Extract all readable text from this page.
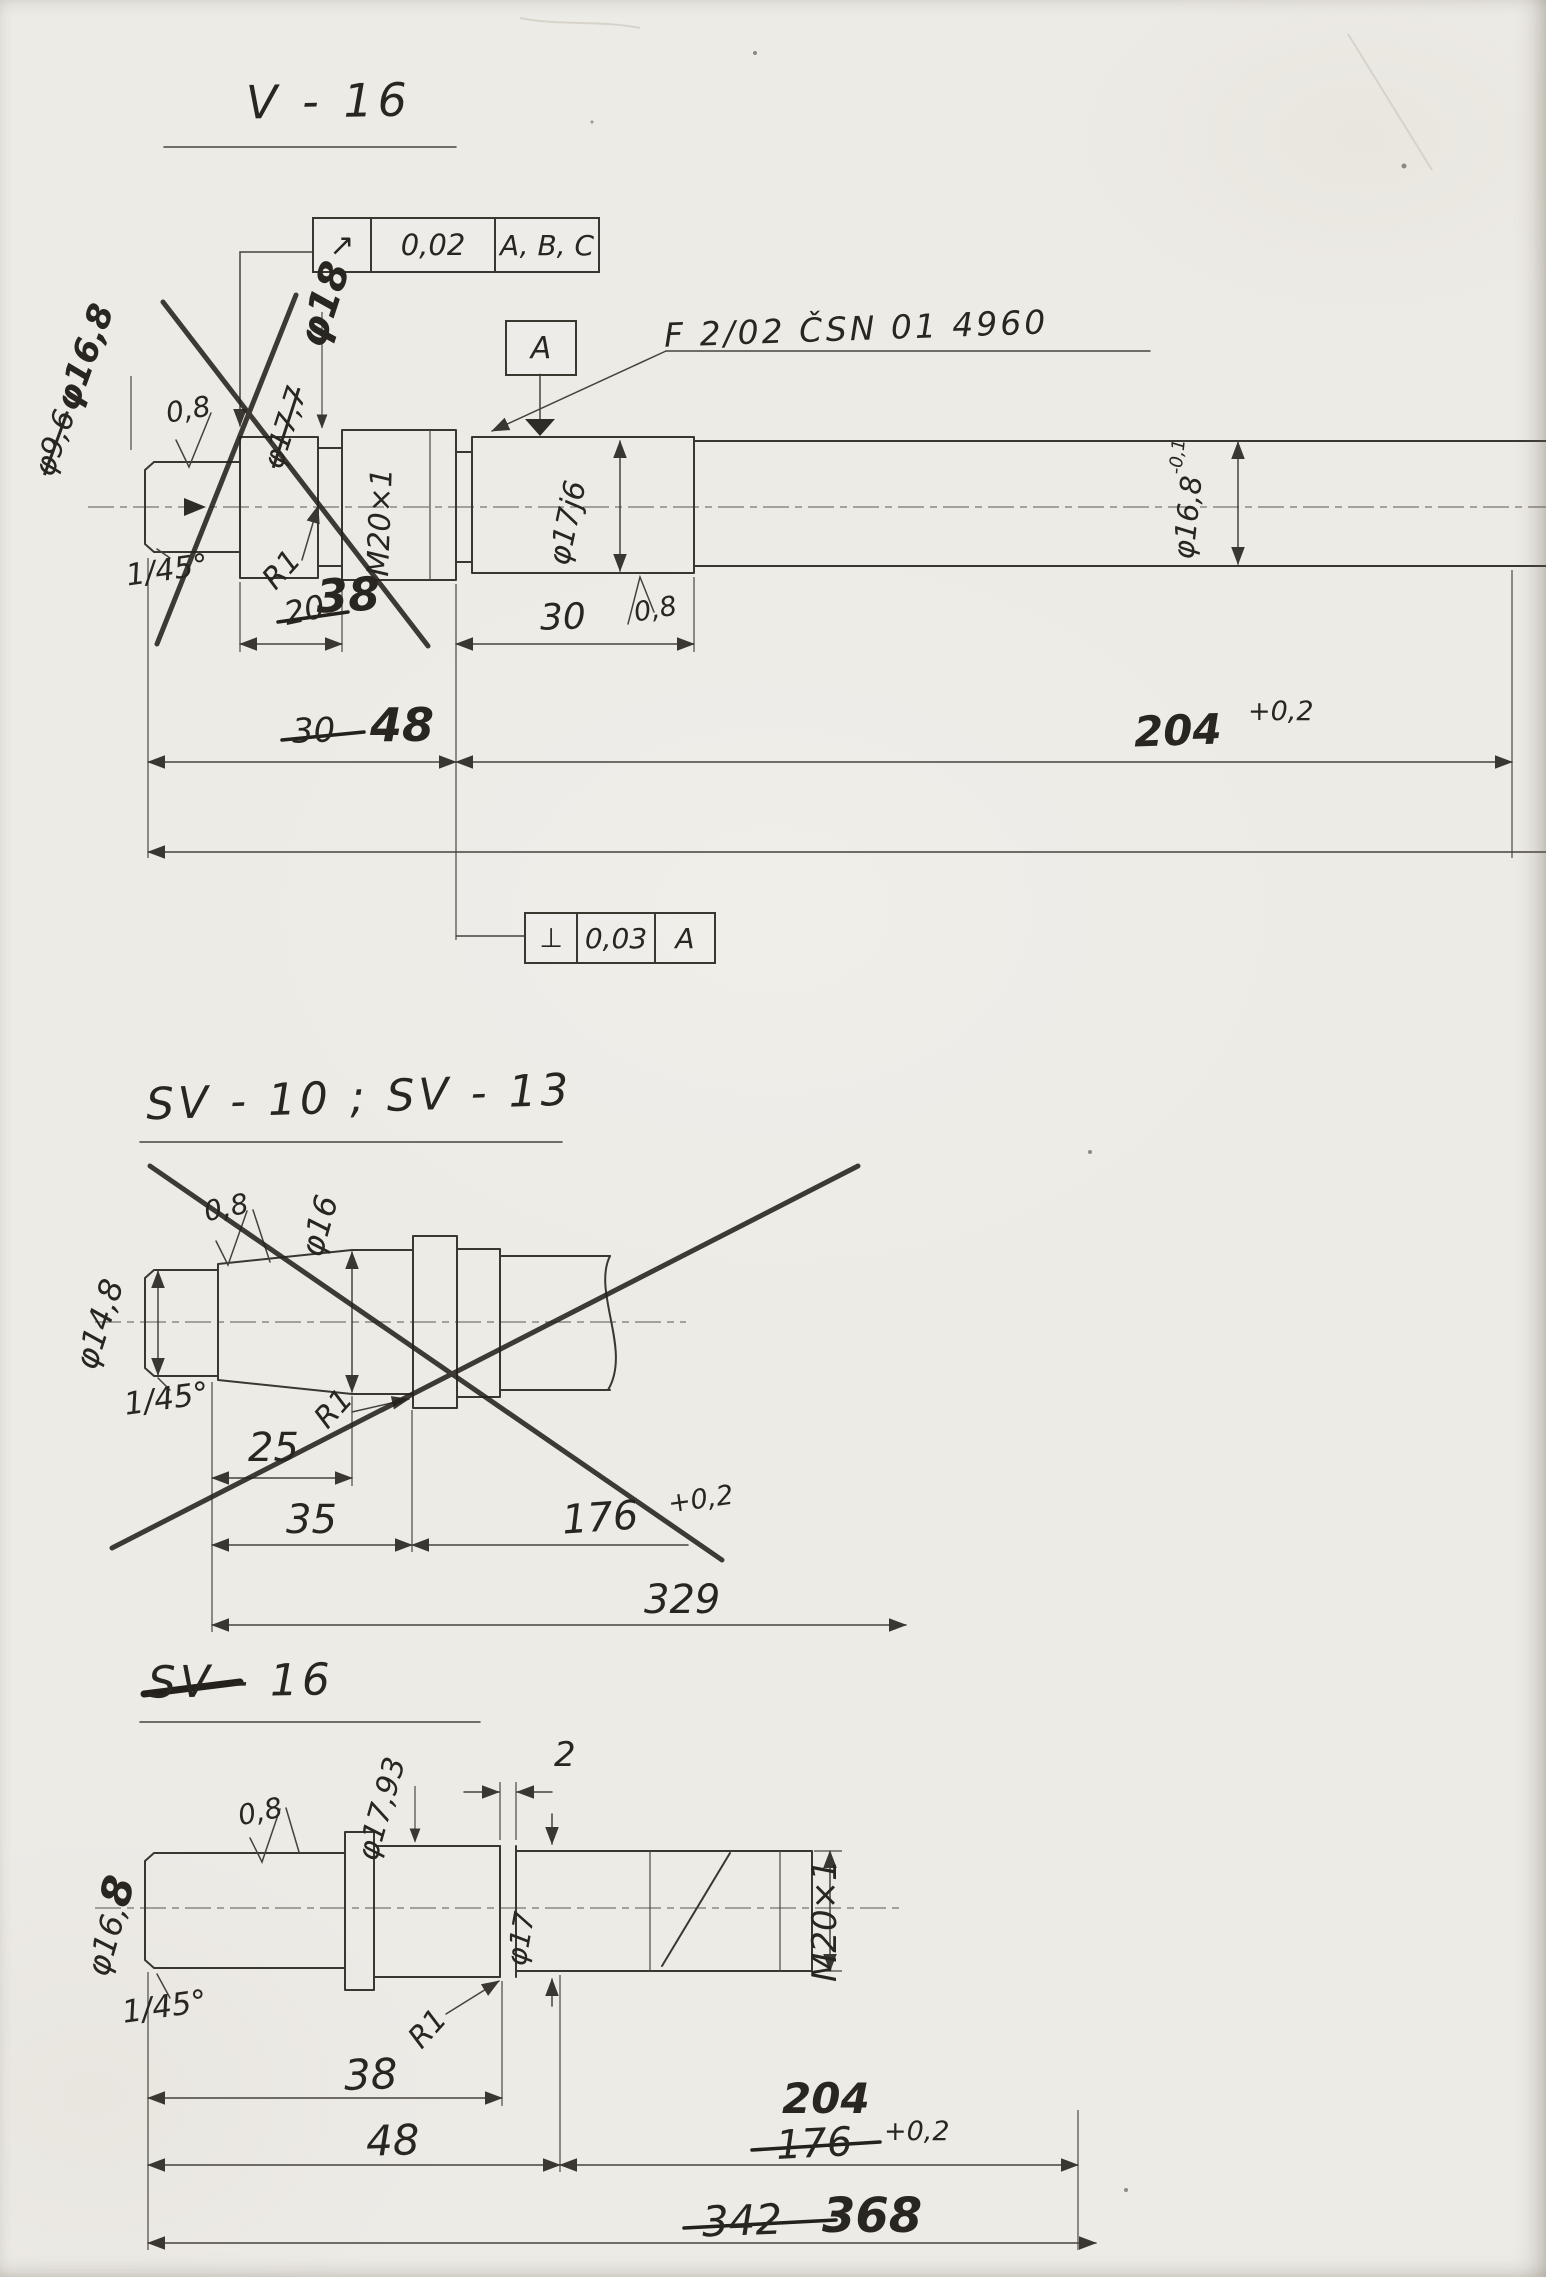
V - 16
↗	0,02	A, B, C
F 2/02 ČSN 01 4960
A
φ16,8
φ9,6	0,8
φ18
φ17,7
M20×1
R1
1/45°
20
38	30 0,8
φ17j6
30 48	204 +0,2
$\varphi 16,8^{-0,1}$
⊥ 0,03	A
SV - 10 ; SV - 13
0,8 φ16
φ14,8
1/45°	R1
25
35	176 +0,2
329
SV - 16
2
φ17,93
0,8
φ16,8
1/45°	R1
φ17	M20×1
38
48
204
176 +0,2
342 368
